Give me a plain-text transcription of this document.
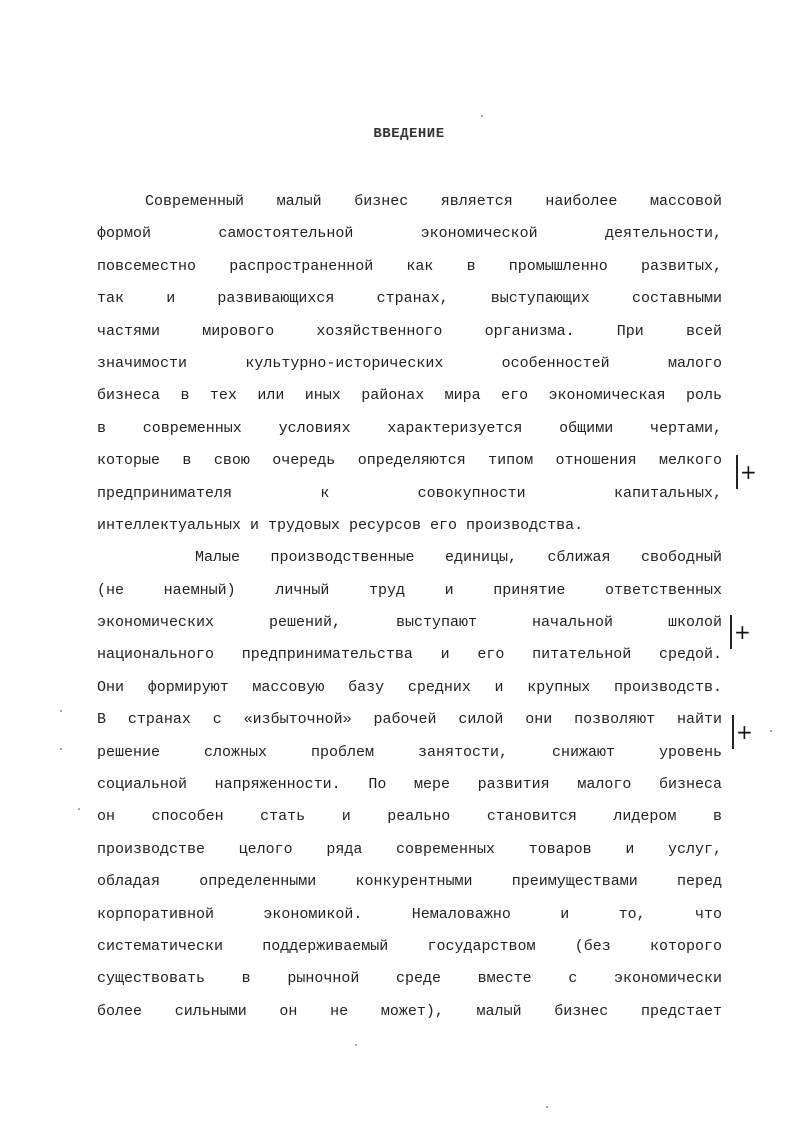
ВВЕДЕНИЕ
Современный малый бизнес является наиболее массовой
формой самостоятельной экономической деятельности,
повсеместно распространенной как в промышленно развитых,
так и развивающихся странах, выступающих составными
частями мирового хозяйственного организма. При всей
значимости культурно-исторических особенностей малого
бизнеса в тех или иных районах мира его экономическая роль
в современных условиях характеризуется общими чертами,
которые в свою очередь определяются типом отношения мелкого
предпринимателя к совокупности капитальных,
интеллектуальных и трудовых ресурсов его производства.
Малые производственные единицы, сближая свободный
(не наемный) личный труд и принятие ответственных
экономических решений, выступают начальной школой
национального предпринимательства и его питательной средой.
Они формируют массовую базу средних и крупных производств.
В странах с «избыточной» рабочей силой они позволяют найти
решение сложных проблем занятости, снижают уровень
социальной напряженности. По мере развития малого бизнеса
он способен стать и реально становится лидером в
производстве целого ряда современных товаров и услуг,
обладая определенными конкурентными преимуществами перед
корпоративной экономикой. Немаловажно и то, что
систематически поддерживаемый государством (без которого
существовать в рыночной среде вместе с экономически
более сильными он не может), малый бизнес предстает
+
+
+
